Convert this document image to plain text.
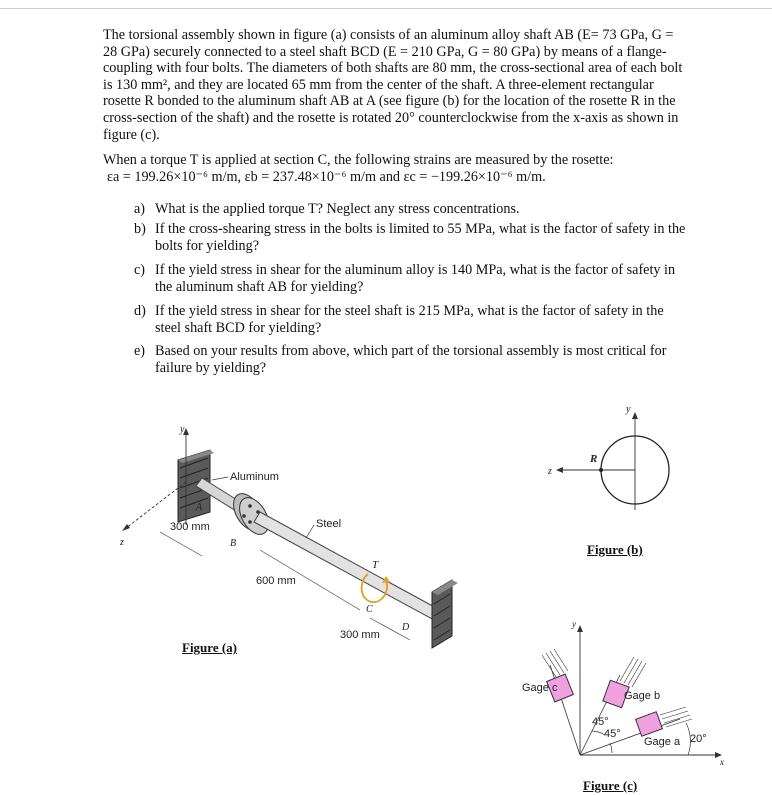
The torsional assembly shown in figure (a) consists of an aluminum alloy shaft AB (E= 73 GPa, G = 28 GPa) securely connected to a steel shaft BCD (E = 210 GPa, G = 80 GPa) by means of a flange-coupling with four bolts. The diameters of both shafts are 80 mm, the cross-sectional area of each bolt is 130 mm², and they are located 65 mm from the center of the shaft. A three-element rectangular rosette R bonded to the aluminum shaft AB at A (see figure (b) for the location of the rosette R in the cross-section of the shaft) and the rosette is rotated 20° counterclockwise from the x-axis as shown in figure (c).
When a torque T is applied at section C, the following strains are measured by the rosette:
εa = 199.26×10⁻⁶ m/m, εb = 237.48×10⁻⁶ m/m and εc = −199.26×10⁻⁶ m/m.
a) What is the applied torque T? Neglect any stress concentrations.
b) If the cross-shearing stress in the bolts is limited to 55 MPa, what is the factor of safety in the bolts for yielding?
c) If the yield stress in shear for the aluminum alloy is 140 MPa, what is the factor of safety in the aluminum shaft AB for yielding?
d) If the yield stress in shear for the steel shaft is 215 MPa, what is the factor of safety in the steel shaft BCD for yielding?
e) Based on your results from above, which part of the torsional assembly is most critical for failure by yielding?
y
z
T
C
Aluminum
Steel
A
B
D
300 mm
600 mm
300 mm
Figure (a)
y
z
R
Figure (b)
x
y
Gage c
Gage b
Gage a
45°
45°	20°
Figure (c)
